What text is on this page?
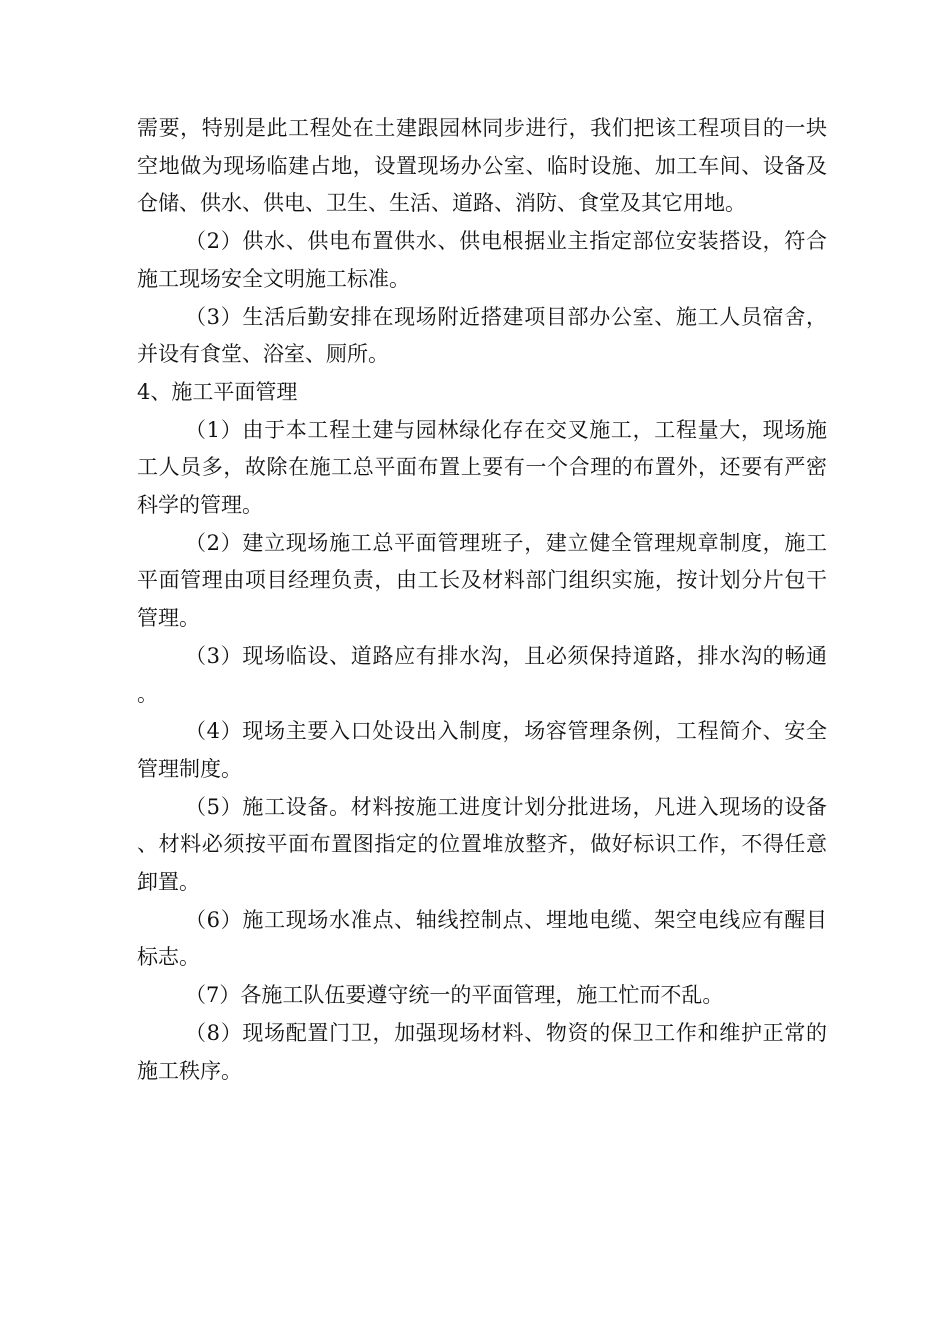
需要，特别是此工程处在土建跟园林同步进行，我们把该工程项目的一块空地做为现场临建占地，设置现场办公室、临时设施、加工车间、设备及仓储、供水、供电、卫生、生活、道路、消防、食堂及其它用地。

（2）供水、供电布置供水、供电根据业主指定部位安装搭设，符合施工现场安全文明施工标准。

（3）生活后勤安排在现场附近搭建项目部办公室、施工人员宿舍，并设有食堂、浴室、厕所。

4、施工平面管理

（1）由于本工程土建与园林绿化存在交叉施工，工程量大，现场施工人员多，故除在施工总平面布置上要有一个合理的布置外，还要有严密科学的管理。

（2）建立现场施工总平面管理班子，建立健全管理规章制度，施工平面管理由项目经理负责，由工长及材料部门组织实施，按计划分片包干管理。

（3）现场临设、道路应有排水沟，且必须保持道路，排水沟的畅通。

（4）现场主要入口处设出入制度，场容管理条例，工程简介、安全管理制度。

（5）施工设备。材料按施工进度计划分批进场，凡进入现场的设备、材料必须按平面布置图指定的位置堆放整齐，做好标识工作，不得任意卸置。

（6）施工现场水准点、轴线控制点、埋地电缆、架空电线应有醒目标志。

（7）各施工队伍要遵守统一的平面管理，施工忙而不乱。

（8）现场配置门卫，加强现场材料、物资的保卫工作和维护正常的施工秩序。
